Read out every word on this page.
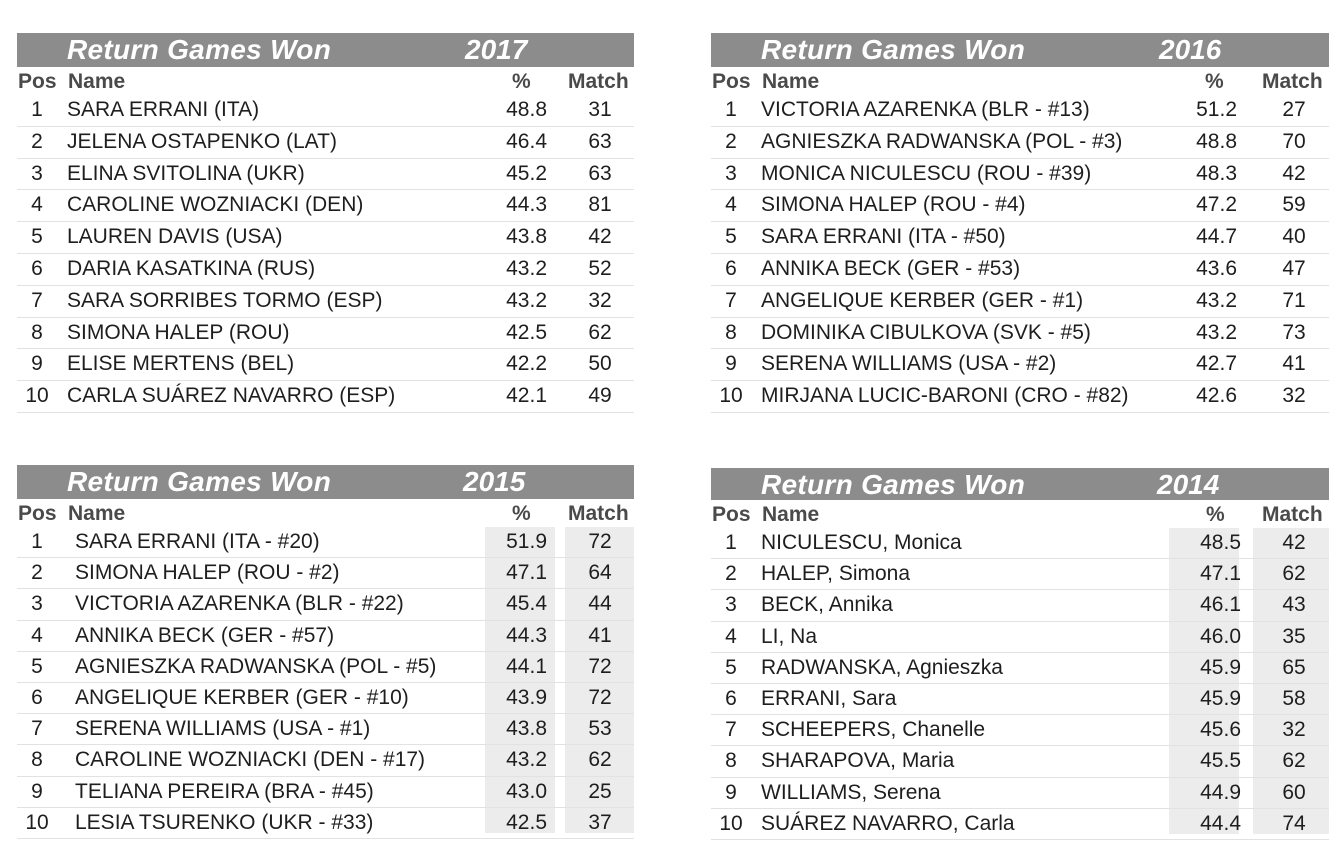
Return Games Won	2017
Pos Name	% Match
1	SARA ERRANI (ITA)	48.8	31
2	JELENA OSTAPENKO (LAT)	46.4	63
3	ELINA SVITOLINA (UKR)	45.2	63
4	CAROLINE WOZNIACKI (DEN)	44.3	81
5	LAUREN DAVIS (USA)	43.8	42
6	DARIA KASATKINA (RUS)	43.2	52
7	SARA SORRIBES TORMO (ESP)	43.2	32
8	SIMONA HALEP (ROU)	42.5	62
9	ELISE MERTENS (BEL)	42.2	50
10 CARLA SUÁREZ NAVARRO (ESP)	42.1	49
Return Games Won	2016
Pos Name	% Match
1	VICTORIA AZARENKA (BLR - #13)	51.2	27
2	AGNIESZKA RADWANSKA (POL - #3)	48.8	70
3	MONICA NICULESCU (ROU - #39)	48.3	42
4	SIMONA HALEP (ROU - #4)	47.2	59
5	SARA ERRANI (ITA - #50)	44.7	40
6	ANNIKA BECK (GER - #53)	43.6	47
7	ANGELIQUE KERBER (GER - #1)	43.2	71
8	DOMINIKA CIBULKOVA (SVK - #5)	43.2	73
9	SERENA WILLIAMS (USA - #2)	42.7	41
10 MIRJANA LUCIC-BARONI (CRO - #82)	42.6	32
Return Games Won	2015
Pos Name	% Match
1	SARA ERRANI (ITA - #20)	51.9	72
2	SIMONA HALEP (ROU - #2)	47.1	64
3	VICTORIA AZARENKA (BLR - #22)	45.4	44
4	ANNIKA BECK (GER - #57)	44.3	41
5	AGNIESZKA RADWANSKA (POL - #5)	44.1	72
6	ANGELIQUE KERBER (GER - #10)	43.9	72
7	SERENA WILLIAMS (USA - #1)	43.8	53
8	CAROLINE WOZNIACKI (DEN - #17)	43.2	62
9	TELIANA PEREIRA (BRA - #45)	43.0	25
10	LESIA TSURENKO (UKR - #33)	42.5	37
Return Games Won	2014
Pos Name	% Match
1	NICULESCU, Monica	48.5	42
2	HALEP, Simona	47.1	62
3	BECK, Annika	46.1	43
4	LI, Na	46.0	35
5	RADWANSKA, Agnieszka	45.9	65
6	ERRANI, Sara	45.9	58
7	SCHEEPERS, Chanelle	45.6	32
8	SHARAPOVA, Maria	45.5	62
9	WILLIAMS, Serena	44.9	60
10 SUÁREZ NAVARRO, Carla	44.4	74
